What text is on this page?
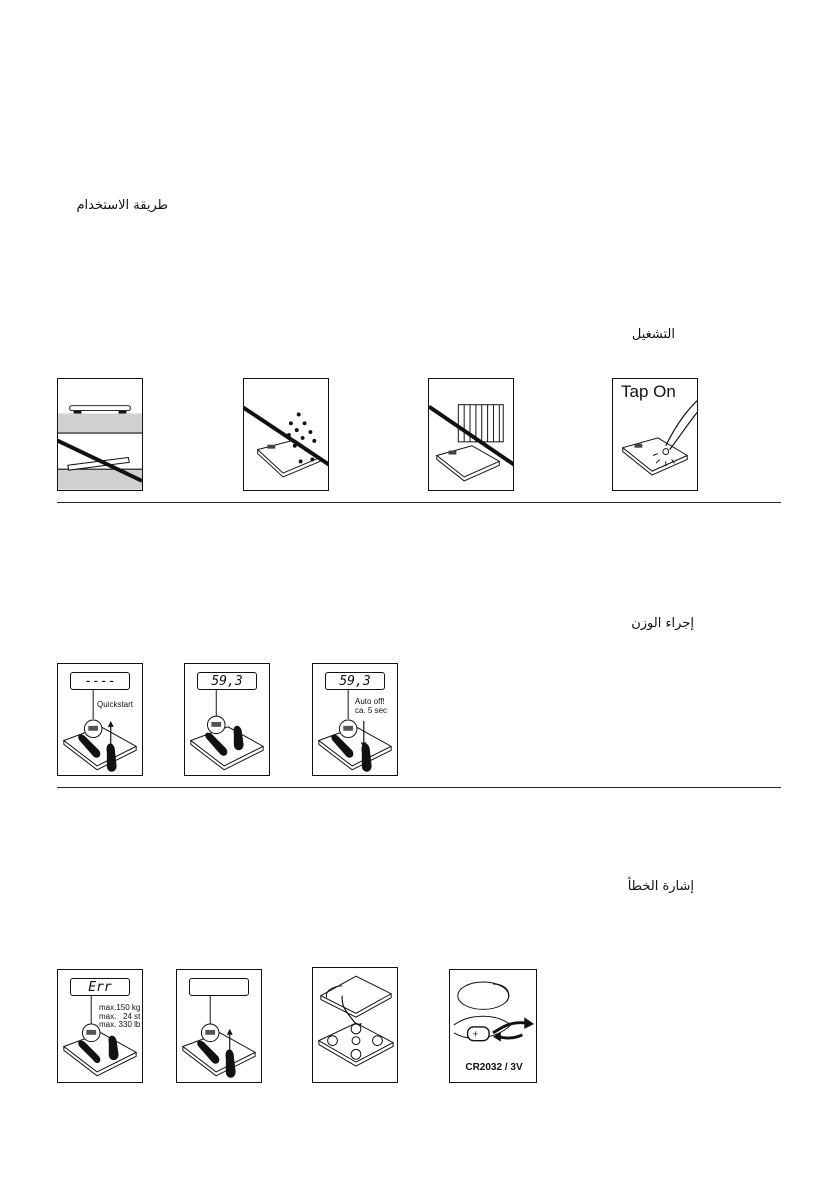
طريقة الاستخدام
التشغيل
إجراء الوزن
إشارة الخطأ
Tap On
----
Quickstart
59,3	59,3
Auto off!
ca. 5 sec
Err
max.150 kg
max.   24 st
max. 330 lb
+
CR2032 / 3V
